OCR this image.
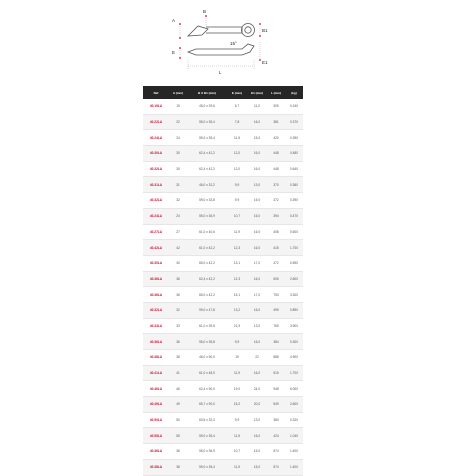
A
B
B1
E
E1
L
15°
Ref	A (mm)	B X B1 (mm)	E (mm)	E1 (mm)	L (mm)	(kg)
40.19LA	19	45,0 x 29,6	6,7	11,0	309	0.240
40.22LA	22	55,0 x 35,4	7,8	16,0	381	0.370
40.24LA	24	59,0 x 35,4	11,5	15,0	420	0.390
40.30LA	30	62,4 x 42,2	12,0	16,0	448	0.480
40.32LA	30	62,4 x 42,2	12,0	16,0	448	0.640
40.31LA	31	46,0 x 32,2	9,9	13,0	370	0.360
40.32LA	32	59,0 x 33,8	9,9	15,0	372	0.390
40.24LA	24	55,0 x 36,9	10,7	15,0	394	0.470
40.27LA	27	61,0 x 40,6	11,9	16,0	408	0.600
40.42LA	42	61,0 x 42,2	12,3	16,0	415	1.700
40.30LA	30	65,0 x 42,2	13,1	17,0	472	0.690
40.36LA	36	62,4 x 42,2	12,3	16,0	505	2.600
40.36LA	36	65,0 x 42,2	15,1	17,0	753	3.300
40.32LA	32	59,0 x 47,8	13,2	16,0	499	0.890
40.33LA	33	61,0 x 39,5	21,9	13,0	769	3.900
40.36LA	36	55,0 x 35,8	9,9	16,0	384	0.300
40.38LA	38	46,0 x 90,0	19	22	888	4.900
40.41LA	41	61,0 x 48,0	11,9	16,0	515	1.700
40.46LA	46	62,4 x 90,0	19,0	24,0	948	6.000
40.49LA	49	65,7 x 90,0	15,2	20,0	549	2.600
40.50LA	50	60,5 x 32,3	9,9	13,0	380	0.320
40.55LA	55	59,0 x 35,4	11,5	16,0	424	1.040
40.36LA	36	55,0 x 36,9	10,7	15,0	574	1.400
40.38LA	38	59,0 x 35,4	11,5	15,0	574	1.400
